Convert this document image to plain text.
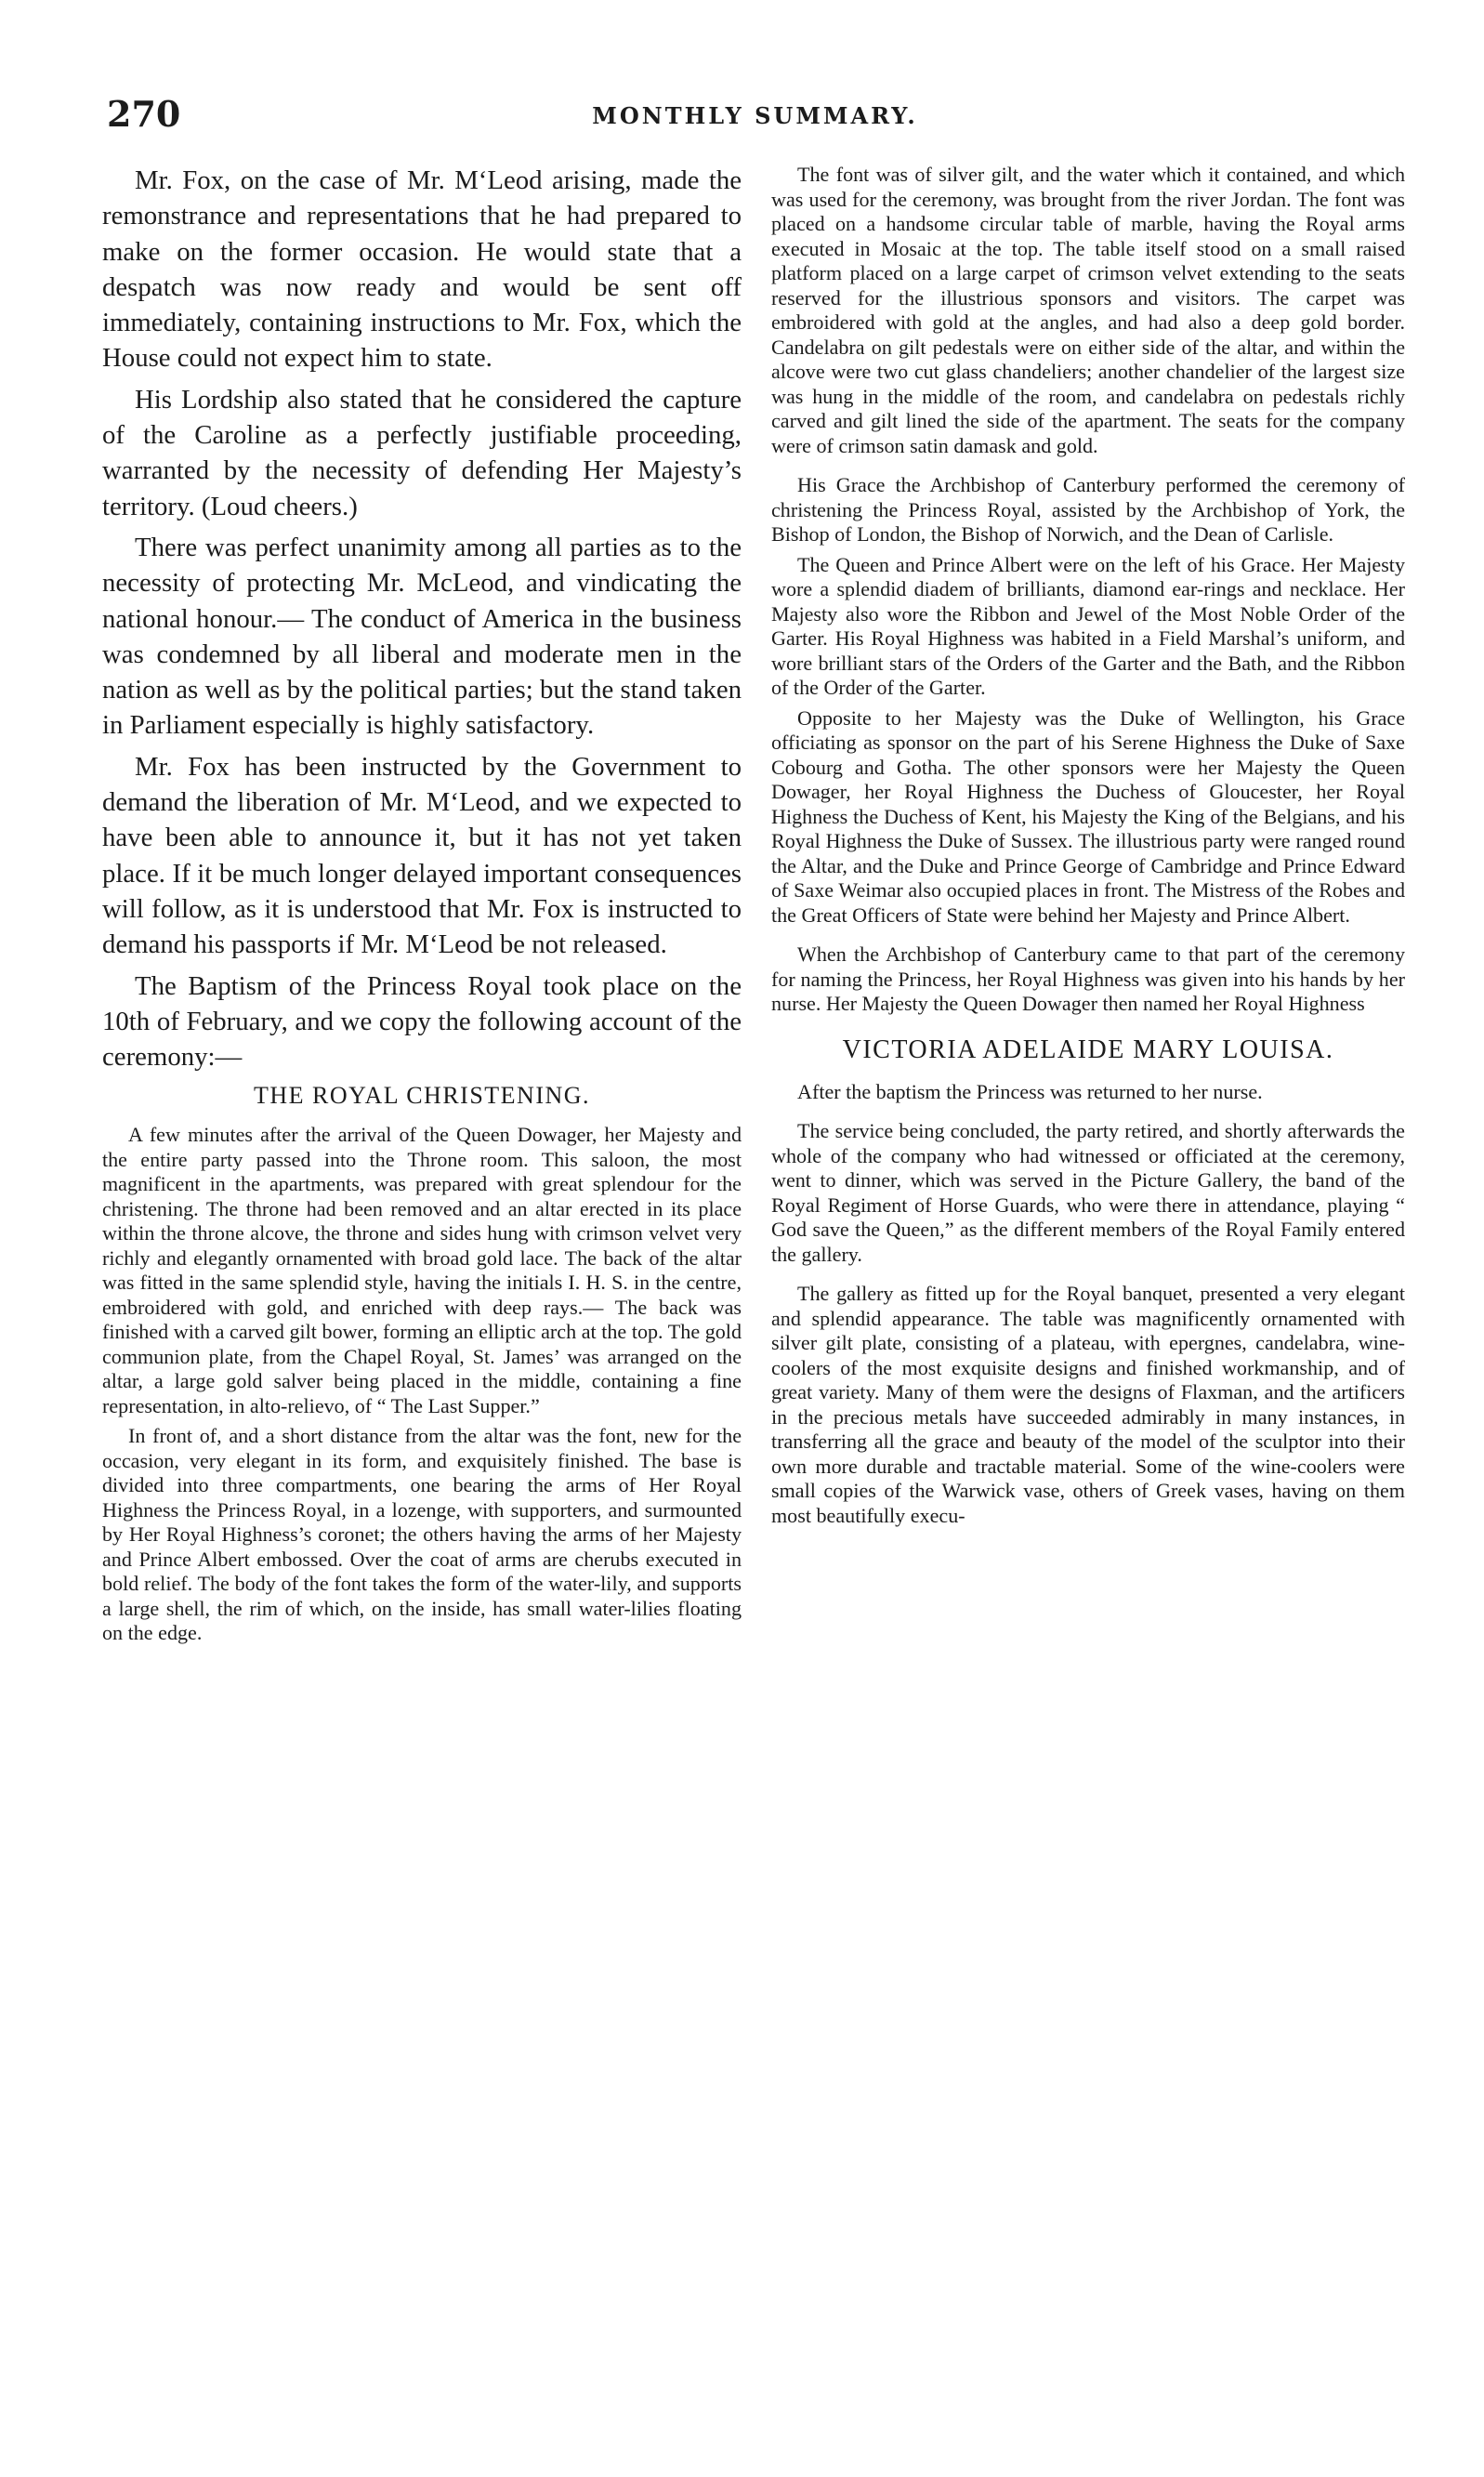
270	MONTHLY SUMMARY.

Mr. Fox, on the case of Mr. M‘Leod arising, made the remonstrance and representations that he had prepared to make on the former occasion. He would state that a despatch was now ready and would be sent off immediately, containing instructions to Mr. Fox, which the House could not expect him to state.

His Lordship also stated that he considered the capture of the Caroline as a perfectly justifiable proceeding, warranted by the necessity of defending Her Majesty’s territory. (Loud cheers.)

There was perfect unanimity among all parties as to the necessity of protecting Mr. McLeod, and vindicating the national honour.— The conduct of America in the business was condemned by all liberal and moderate men in the nation as well as by the political parties; but the stand taken in Parliament especially is highly satisfactory.

Mr. Fox has been instructed by the Government to demand the liberation of Mr. M‘Leod, and we expected to have been able to announce it, but it has not yet taken place. If it be much longer delayed important consequences will follow, as it is understood that Mr. Fox is instructed to demand his passports if Mr. M‘Leod be not released.

The Baptism of the Princess Royal took place on the 10th of February, and we copy the following account of the ceremony:—

THE ROYAL CHRISTENING.

A few minutes after the arrival of the Queen Dowager, her Majesty and the entire party passed into the Throne room. This saloon, the most magnificent in the apartments, was prepared with great splendour for the christening. The throne had been removed and an altar erected in its place within the throne alcove, the throne and sides hung with crimson velvet very richly and elegantly ornamented with broad gold lace. The back of the altar was fitted in the same splendid style, having the initials I. H. S. in the centre, embroidered with gold, and enriched with deep rays.— The back was finished with a carved gilt bower, forming an elliptic arch at the top. The gold communion plate, from the Chapel Royal, St. James’ was arranged on the altar, a large gold salver being placed in the middle, containing a fine representation, in alto-relievo, of “ The Last Supper.”

In front of, and a short distance from the altar was the font, new for the occasion, very elegant in its form, and exquisitely finished. The base is divided into three compartments, one bearing the arms of Her Royal Highness the Princess Royal, in a lozenge, with supporters, and surmounted by Her Royal Highness’s coronet; the others having the arms of her Majesty and Prince Albert embossed. Over the coat of arms are cherubs executed in bold relief. The body of the font takes the form of the water-lily, and supports a large shell, the rim of which, on the inside, has small water-lilies floating on the edge.

The font was of silver gilt, and the water which it contained, and which was used for the ceremony, was brought from the river Jordan. The font was placed on a handsome circular table of marble, having the Royal arms executed in Mosaic at the top. The table itself stood on a small raised platform placed on a large carpet of crimson velvet extending to the seats reserved for the illustrious sponsors and visitors. The carpet was embroidered with gold at the angles, and had also a deep gold border. Candelabra on gilt pedestals were on either side of the altar, and within the alcove were two cut glass chandeliers; another chandelier of the largest size was hung in the middle of the room, and candelabra on pedestals richly carved and gilt lined the side of the apartment. The seats for the company were of crimson satin damask and gold.

His Grace the Archbishop of Canterbury performed the ceremony of christening the Princess Royal, assisted by the Archbishop of York, the Bishop of London, the Bishop of Norwich, and the Dean of Carlisle.

The Queen and Prince Albert were on the left of his Grace. Her Majesty wore a splendid diadem of brilliants, diamond ear-rings and necklace. Her Majesty also wore the Ribbon and Jewel of the Most Noble Order of the Garter. His Royal Highness was habited in a Field Marshal’s uniform, and wore brilliant stars of the Orders of the Garter and the Bath, and the Ribbon of the Order of the Garter.

Opposite to her Majesty was the Duke of Wellington, his Grace officiating as sponsor on the part of his Serene Highness the Duke of Saxe Cobourg and Gotha. The other sponsors were her Majesty the Queen Dowager, her Royal Highness the Duchess of Gloucester, her Royal Highness the Duchess of Kent, his Majesty the King of the Belgians, and his Royal Highness the Duke of Sussex. The illustrious party were ranged round the Altar, and the Duke and Prince George of Cambridge and Prince Edward of Saxe Weimar also occupied places in front. The Mistress of the Robes and the Great Officers of State were behind her Majesty and Prince Albert.

When the Archbishop of Canterbury came to that part of the ceremony for naming the Princess, her Royal Highness was given into his hands by her nurse. Her Majesty the Queen Dowager then named her Royal Highness

VICTORIA ADELAIDE MARY LOUISA.

After the baptism the Princess was returned to her nurse.

The service being concluded, the party retired, and shortly afterwards the whole of the company who had witnessed or officiated at the ceremony, went to dinner, which was served in the Picture Gallery, the band of the Royal Regiment of Horse Guards, who were there in attendance, playing “ God save the Queen,” as the different members of the Royal Family entered the gallery.

The gallery as fitted up for the Royal banquet, presented a very elegant and splendid appearance. The table was magnificently ornamented with silver gilt plate, consisting of a plateau, with epergnes, candelabra, wine-coolers of the most exquisite designs and finished workmanship, and of great variety. Many of them were the designs of Flaxman, and the artificers in the precious metals have succeeded admirably in many instances, in transferring all the grace and beauty of the model of the sculptor into their own more durable and tractable material. Some of the wine-coolers were small copies of the Warwick vase, others of Greek vases, having on them most beautifully execu-
